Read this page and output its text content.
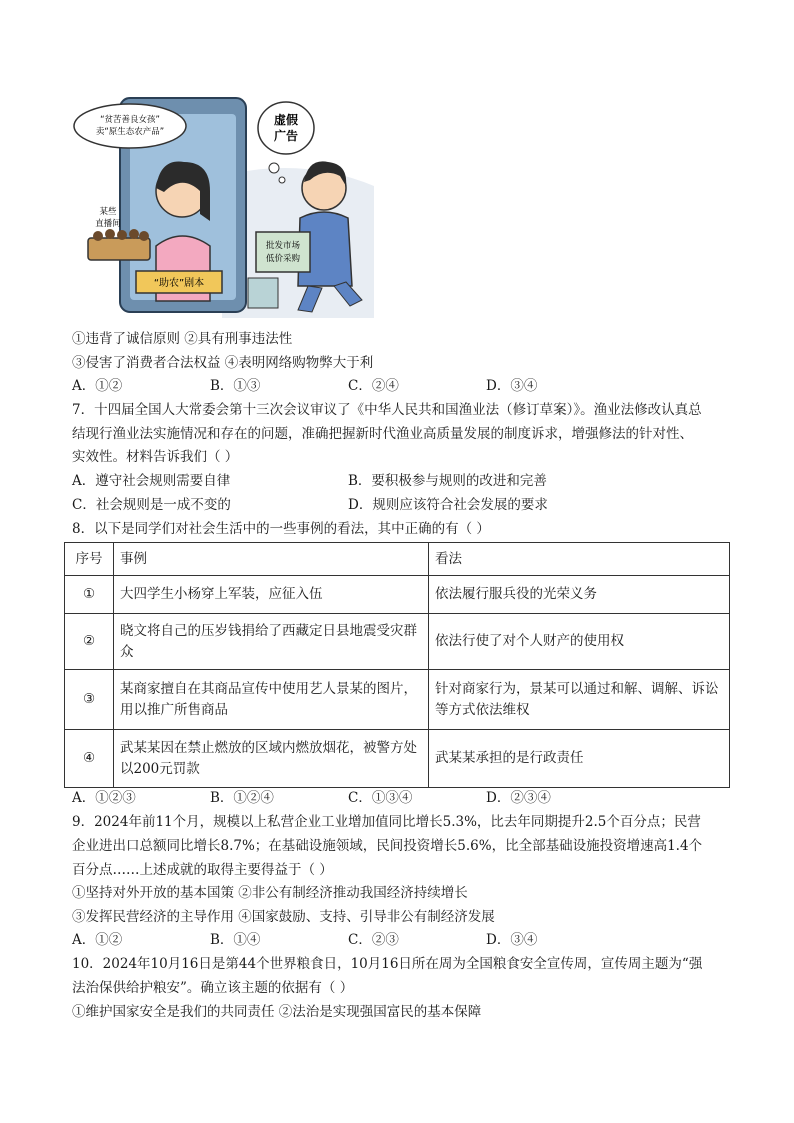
“助农”剧本
“贫苦善良女孩”
卖“原生态农产品”
某些
直播间
虚假
广告
批发市场
低价采购
①违背了诚信原则 ②具有刑事违法性
③侵害了消费者合法权益 ④表明网络购物弊大于利
A．①②	B．①③	C．②④	D．③④
7．十四届全国人大常委会第十三次会议审议了《中华人民共和国渔业法（修订草案）》。渔业法修改认真总
结现行渔业法实施情况和存在的问题，准确把握新时代渔业高质量发展的制度诉求，增强修法的针对性、
实效性。材料告诉我们（ ）
A．遵守社会规则需要自律	B．要积极参与规则的改进和完善
C．社会规则是一成不变的	D．规则应该符合社会发展的要求
8．以下是同学们对社会生活中的一些事例的看法，其中正确的有（ ）
序号	事例	看法
①	大四学生小杨穿上军装，应征入伍	依法履行服兵役的光荣义务
②	晓文将自己的压岁钱捐给了西藏定日县地震受灾群众	依法行使了对个人财产的使用权
③	某商家擅自在其商品宣传中使用艺人景某的图片，用以推广所售商品	针对商家行为，景某可以通过和解、调解、诉讼等方式依法维权
④	武某某因在禁止燃放的区域内燃放烟花，被警方处以200元罚款	武某某承担的是行政责任
A．①②③	B．①②④	C．①③④	D．②③④
9．2024年前11个月，规模以上私营企业工业增加值同比增长5.3%，比去年同期提升2.5个百分点；民营
企业进出口总额同比增长8.7%；在基础设施领域，民间投资增长5.6%，比全部基础设施投资增速高1.4个
百分点……上述成就的取得主要得益于（ ）
①坚持对外开放的基本国策 ②非公有制经济推动我国经济持续增长
③发挥民营经济的主导作用 ④国家鼓励、支持、引导非公有制经济发展
A．①②	B．①④	C．②③	D．③④
10．2024年10月16日是第44个世界粮食日，10月16日所在周为全国粮食安全宣传周，宣传周主题为“强
法治保供给护粮安”。确立该主题的依据有（ ）
①维护国家安全是我们的共同责任 ②法治是实现强国富民的基本保障
